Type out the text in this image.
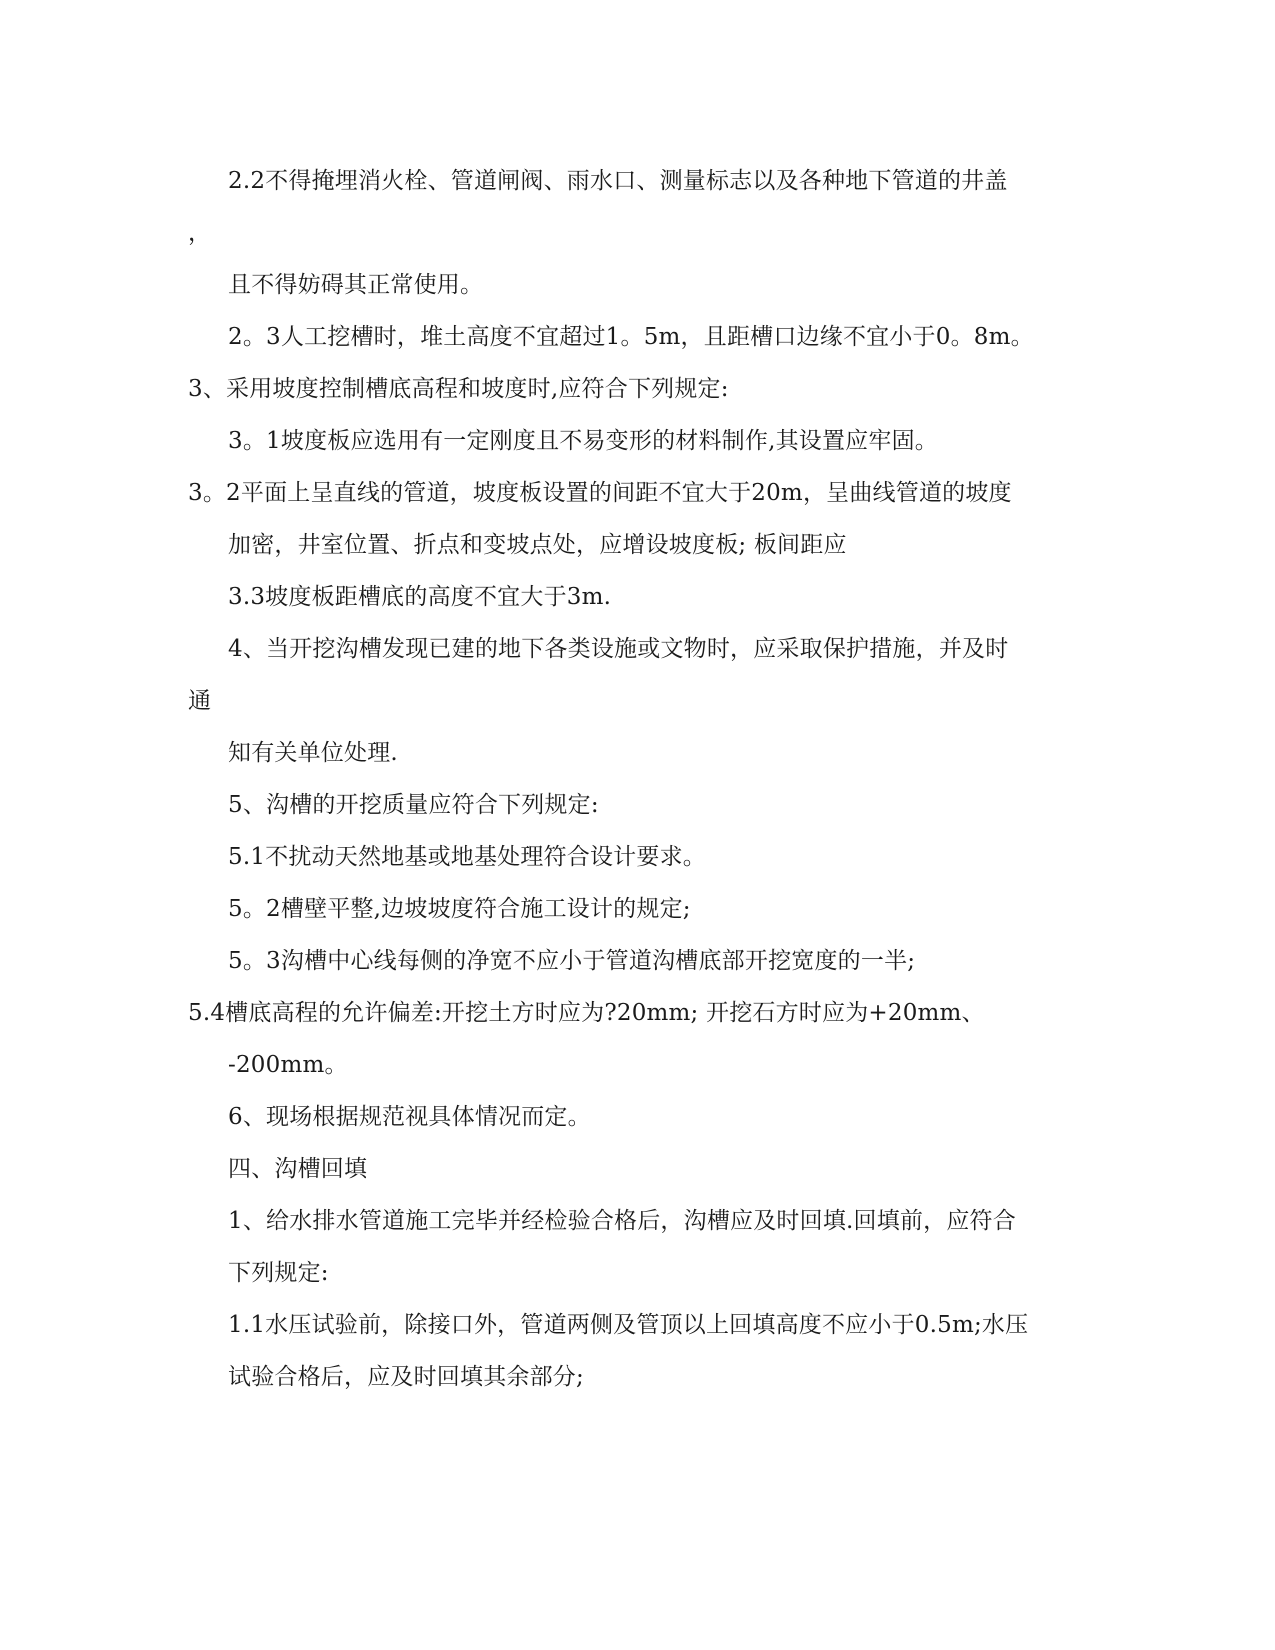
2.2不得掩埋消火栓、管道闸阀、雨水口、测量标志以及各种地下管道的井盖
，
且不得妨碍其正常使用。
2。3人工挖槽时，堆土高度不宜超过1。5m，且距槽口边缘不宜小于0。8m。
3、采用坡度控制槽底高程和坡度时,应符合下列规定:
3。1坡度板应选用有一定刚度且不易变形的材料制作,其设置应牢固。
3。2平面上呈直线的管道，坡度板设置的间距不宜大于20m，呈曲线管道的坡度
加密，井室位置、折点和变坡点处，应增设坡度板; 板间距应
3.3坡度板距槽底的高度不宜大于3m.
4、当开挖沟槽发现已建的地下各类设施或文物时，应采取保护措施，并及时
通
知有关单位处理.
5、沟槽的开挖质量应符合下列规定:
5.1不扰动天然地基或地基处理符合设计要求。
5。2槽壁平整,边坡坡度符合施工设计的规定;
5。3沟槽中心线每侧的净宽不应小于管道沟槽底部开挖宽度的一半;
5.4槽底高程的允许偏差:开挖土方时应为?20mm; 开挖石方时应为+20mm、
-200mm。
6、现场根据规范视具体情况而定。
四、沟槽回填
1、给水排水管道施工完毕并经检验合格后，沟槽应及时回填.回填前，应符合
下列规定:
1.1水压试验前，除接口外，管道两侧及管顶以上回填高度不应小于0.5m;水压
试验合格后，应及时回填其余部分;
